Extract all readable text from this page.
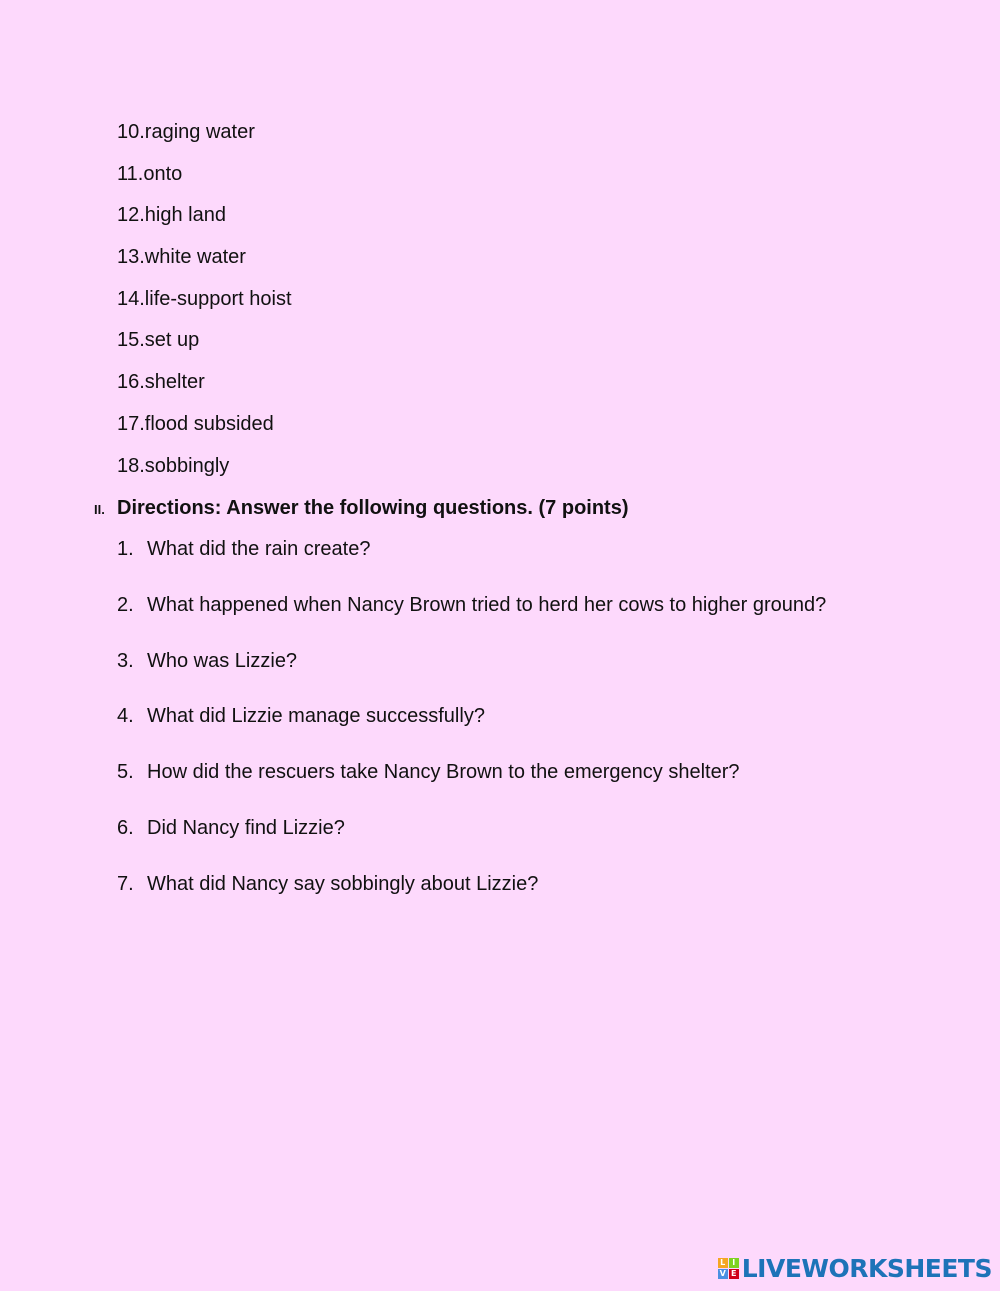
10.raging water
11.onto
12.high land
13.white water
14.life-support hoist
15.set up
16.shelter
17.flood subsided
18.sobbingly
II. Directions: Answer the following questions. (7 points)
1. What did the rain create?
2. What happened when Nancy Brown tried to herd her cows to higher ground?
3. Who was Lizzie?
4. What did Lizzie manage successfully?
5. How did the rescuers take Nancy Brown to the emergency shelter?
6. Did Nancy find Lizzie?
7. What did Nancy say sobbingly about Lizzie?
L I
V E LIVEWORKSHEETS
